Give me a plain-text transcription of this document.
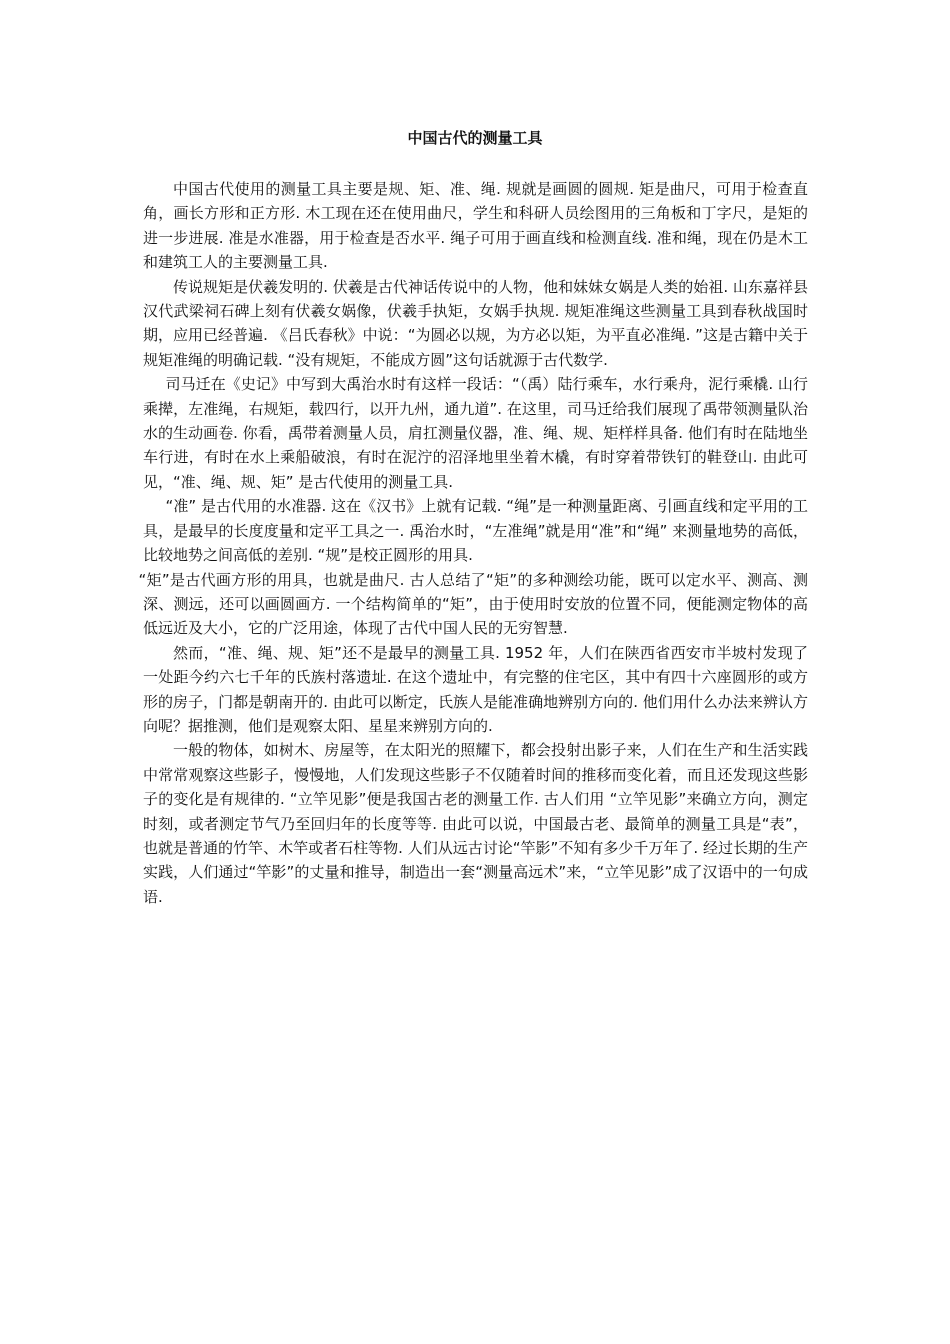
中国古代的测量工具

中国古代使用的测量工具主要是规、矩、准、绳. 规就是画圆的圆规. 矩是曲尺，可用于检查直角，画长方形和正方形. 木工现在还在使用曲尺，学生和科研人员绘图用的三角板和丁字尺，是矩的进一步进展. 准是水准器，用于检查是否水平. 绳子可用于画直线和检测直线. 准和绳，现在仍是木工和建筑工人的主要测量工具.

传说规矩是伏羲发明的. 伏羲是古代神话传说中的人物，他和妹妹女娲是人类的始祖. 山东嘉祥县汉代武梁祠石碑上刻有伏羲女娲像，伏羲手执矩，女娲手执规. 规矩准绳这些测量工具到春秋战国时期，应用已经普遍. 《吕氏春秋》中说：“为圆必以规，为方必以矩，为平直必准绳. ”这是古籍中关于规矩准绳的明确记载. “没有规矩，不能成方圆”这句话就源于古代数学.

司马迁在《史记》中写到大禹治水时有这样一段话：“（禹）陆行乘车，水行乘舟，泥行乘橇. 山行乘撵，左准绳，右规矩，载四行，以开九州，通九道”. 在这里，司马迁给我们展现了禹带领测量队治水的生动画卷. 你看，禹带着测量人员，肩扛测量仪器，准、绳、规、矩样样具备. 他们有时在陆地坐车行进，有时在水上乘船破浪，有时在泥泞的沼泽地里坐着木橇，有时穿着带铁钉的鞋登山. 由此可见，“准、绳、规、矩” 是古代使用的测量工具.

“准” 是古代用的水准器. 这在《汉书》上就有记载. “绳”是一种测量距离、引画直线和定平用的工具，是最早的长度度量和定平工具之一. 禹治水时，“左准绳”就是用“准”和“绳” 来测量地势的高低，比较地势之间高低的差别. “规”是校正圆形的用具.

“矩”是古代画方形的用具，也就是曲尺. 古人总结了“矩”的多种测绘功能，既可以定水平、测高、测深、测远，还可以画圆画方. 一个结构简单的“矩”，由于使用时安放的位置不同，便能测定物体的高低远近及大小，它的广泛用途，体现了古代中国人民的无穷智慧.

然而，“准、绳、规、矩”还不是最早的测量工具. 1952 年，人们在陕西省西安市半坡村发现了一处距今约六七千年的氏族村落遗址. 在这个遗址中，有完整的住宅区，其中有四十六座圆形的或方形的房子，门都是朝南开的. 由此可以断定，氏族人是能准确地辨别方向的. 他们用什么办法来辨认方向呢？据推测，他们是观察太阳、星星来辨别方向的.

一般的物体，如树木、房屋等，在太阳光的照耀下，都会投射出影子来，人们在生产和生活实践中常常观察这些影子，慢慢地，人们发现这些影子不仅随着时间的推移而变化着，而且还发现这些影子的变化是有规律的. “立竿见影”便是我国古老的测量工作. 古人们用 “立竿见影”来确立方向，测定时刻，或者测定节气乃至回归年的长度等等. 由此可以说，中国最古老、最简单的测量工具是“表”，也就是普通的竹竿、木竿或者石柱等物. 人们从远古讨论“竿影”不知有多少千万年了. 经过长期的生产实践，人们通过“竿影”的丈量和推导，制造出一套“测量高远术”来，“立竿见影”成了汉语中的一句成语.
